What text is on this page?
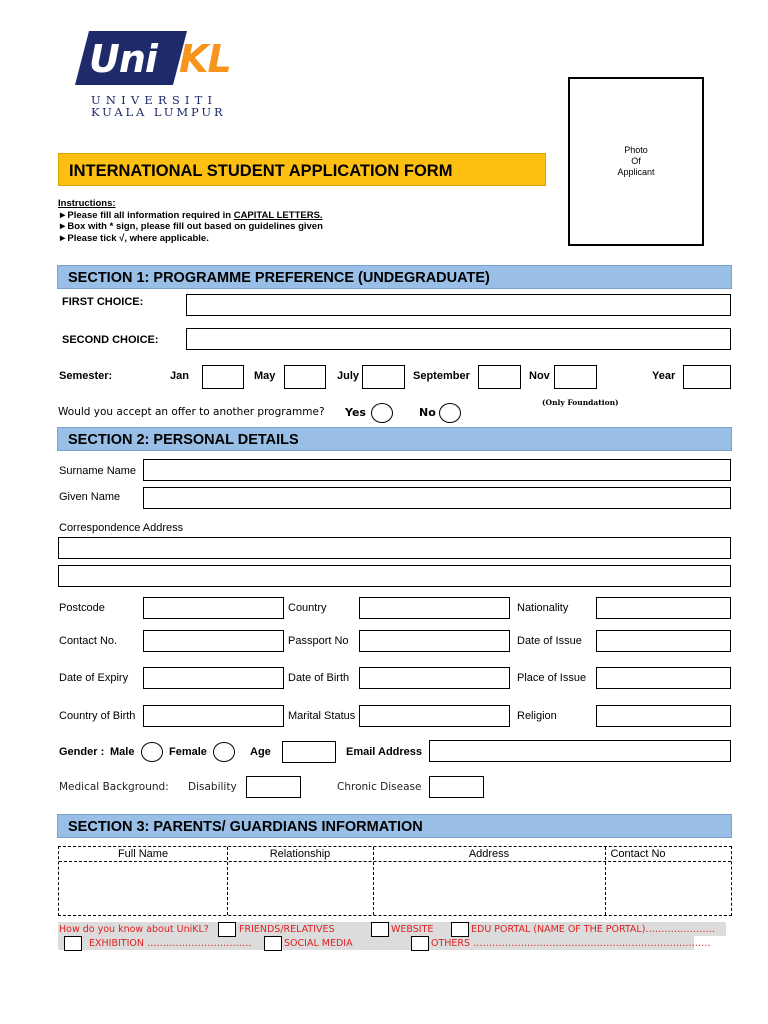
Uni KL
UNIVERSITI
KUALA LUMPUR
Photo
Of
Applicant
INTERNATIONAL STUDENT APPLICATION FORM
Instructions:
►Please fill all information required in CAPITAL LETTERS.
►Box with * sign, please fill out based on guidelines given
►Please tick √, where applicable.
SECTION 1: PROGRAMME PREFERENCE (UNDEGRADUATE)
FIRST CHOICE:
SECOND CHOICE:
Semester:	Jan	May	July	September	Nov	Year
(Only Foundation)
Would you accept an offer to another programme? Yes	No
SECTION 2: PERSONAL DETAILS
Surname Name
Given Name
Correspondence Address
Postcode	Country	Nationality
Contact No.	Passport No	Date of Issue
Date of Expiry	Date of Birth	Place of Issue
Country of Birth	Marital Status	Religion
Gender : Male	Female	Age	Email Address
Medical Background: Disability	Chronic Disease
SECTION 3: PARENTS/ GUARDIANS INFORMATION
Full Name	Relationship	Address	Contact No
How do you know about UniKL?	FRIENDS/RELATIVES	WEBSITE	EDU PORTAL (NAME OF THE PORTAL)………………….
EXHIBITION ……………………………	SOCIAL MEDIA	OTHERS …………………………………………………………………
